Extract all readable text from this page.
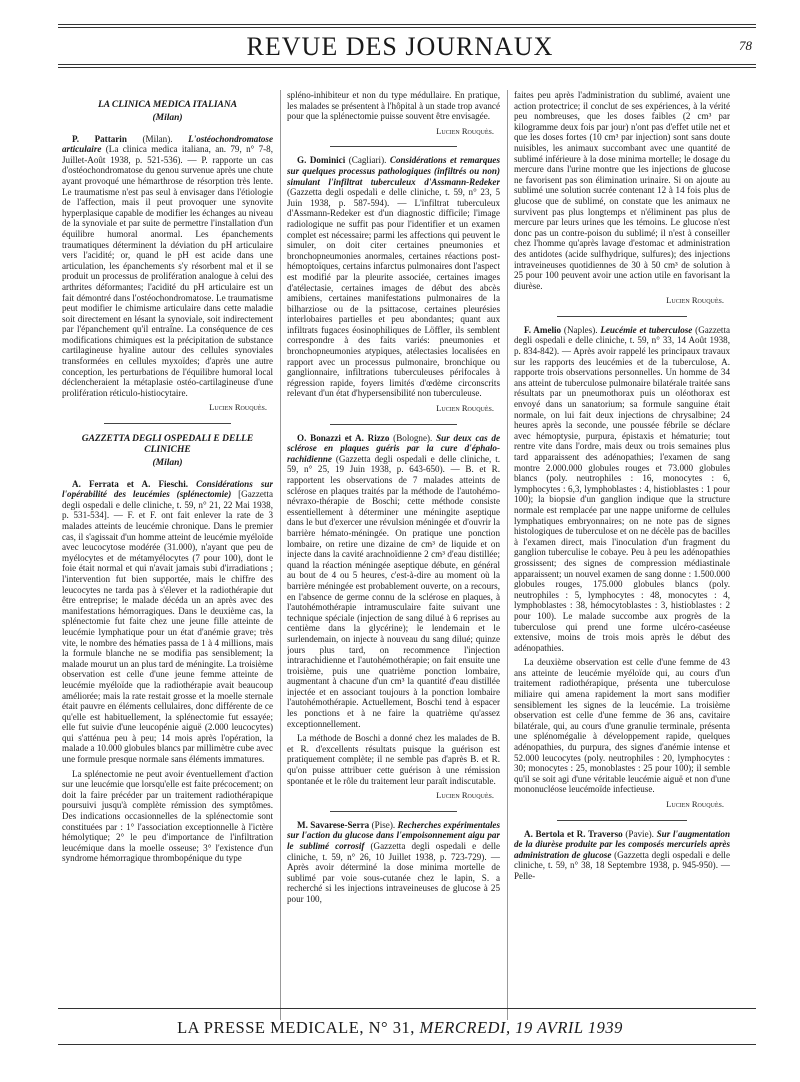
REVUE DES JOURNAUX	78
LA CLINICA MEDICA ITALIANA
(Milan)

P. Pattarin (Milan). L'ostéochondromatose articulaire (La clinica medica italiana, an. 79, n° 7-8, Juillet-Août 1938, p. 521-536). — P. rapporte un cas d'ostéochondromatose du genou survenue après une chute ayant provoqué une hémarthrose de résorption très lente. Le traumatisme n'est pas seul à envisager dans l'étiologie de l'affection, mais il peut provoquer une synovite hyperplasique capable de modifier les échanges au niveau de la synoviale et par suite de permettre l'installation d'un équilibre humoral anormal. Les épanchements traumatiques déterminent la déviation du pH articulaire vers l'acidité; or, quand le pH est acide dans une articulation, les épanchements s'y résorbent mal et il se produit un processus de prolifération analogue à celui des arthrites déformantes; l'acidité du pH articulaire est un fait démontré dans l'ostéochondromatose. Le traumatisme peut modifier le chimisme articulaire dans cette maladie soit directement en lésant la synoviale, soit indirectement par l'épanchement qu'il entraîne. La conséquence de ces modifications chimiques est la précipitation de substance cartilagineuse hyaline autour des cellules synoviales transformées en cellules myxoïdes; d'après une autre conception, les perturbations de l'équilibre humoral local déclencheraient la métaplasie ostéo-cartilagineuse d'une prolifération réticulo-histiocytaire.

Lucien Rouquès.
GAZZETTA DEGLI OSPEDALI E DELLE CLINICHE
(Milan)

A. Ferrata et A. Fieschi. Considérations sur l'opérabilité des leucémies (splénectomie) [Gazzetta degli ospedali e delle cliniche, t. 59, n° 21, 22 Mai 1938, p. 531-534]. — F. et F. ont fait enlever la rate de 3 malades atteints de leucémie chronique. Dans le premier cas, il s'agissait d'un homme atteint de leucémie myéloïde avec leucocytose modérée (31.000), n'ayant que peu de myélocytes et de métamyélocytes (7 pour 100), dont le foie était normal et qui n'avait jamais subi d'irradiations ; l'intervention fut bien supportée, mais le chiffre des leucocytes ne tarda pas à s'élever et la radiothérapie dut être entreprise; le malade décéda un an après avec des manifestations hémorragiques. Dans le deuxième cas, la splénectomie fut faite chez une jeune fille atteinte de leucémie lymphatique pour un état d'anémie grave; très vite, le nombre des hématies passa de 1 à 4 millions, mais la formule blanche ne se modifia pas sensiblement; la malade mourut un an plus tard de méningite. La troisième observation est celle d'une jeune femme atteinte de leucémie myéloïde que la radiothérapie avait beaucoup améliorée; mais la rate restait grosse et la moelle sternale était pauvre en éléments cellulaires, donc différente de ce qu'elle est habituellement, la splénectomie fut essayée; elle fut suivie d'une leucopénie aiguë (2.000 leucocytes) qui s'atténua peu à peu; 14 mois après l'opération, la malade a 10.000 globules blancs par millimètre cube avec une formule presque normale sans éléments immatures.

La splénectomie ne peut avoir éventuellement d'action sur une leucémie que lorsqu'elle est faite précocement; on doit la faire précéder par un traitement radiothérapique poursuivi jusqu'à complète rémission des symptômes. Des indications occasionnelles de la splénectomie sont constituées par : 1° l'association exceptionnelle à l'ictère hémolytique; 2° le peu d'importance de l'infiltration leucémique dans la moelle osseuse; 3° l'existence d'un syndrome hémorragique thrombopénique du type

spléno-inhibiteur et non du type médullaire. En pratique, les malades se présentent à l'hôpital à un stade trop avancé pour que la splénectomie puisse souvent être envisagée.

Lucien Rouquès.

G. Dominici (Cagliari). Considérations et remarques sur quelques processus pathologiques (infiltrés ou non) simulant l'infiltrat tuberculeux d'Assmann-Redeker (Gazzetta degli ospedali e delle cliniche, t. 59, n° 23, 5 Juin 1938, p. 587-594). — L'infiltrat tuberculeux d'Assmann-Redeker est d'un diagnostic difficile; l'image radiologique ne suffit pas pour l'identifier et un examen complet est nécessaire; parmi les affections qui peuvent le simuler, on doit citer certaines pneumonies et bronchopneumonies anormales, certaines réactions post-hémoptoïques, certains infarctus pulmonaires dont l'aspect est modifié par la pleurite associée, certaines images d'atélectasie, certaines images de début des abcès amibiens, certaines manifestations pulmonaires de la bilharziose ou de la psittacose, certaines pleurésies interlobaires partielles et peu abondantes; quant aux infiltrats fugaces éosinophiliques de Löffler, ils semblent correspondre à des faits variés: pneumonies et bronchopneumonies atypiques, atélectasies localisées en rapport avec un processus pulmonaire, bronchique ou ganglionnaire, infiltrations tuberculeuses périfocales à régression rapide, foyers limités d'œdème circonscrits relevant d'un état d'hypersensibilité non tuberculeuse.

Lucien Rouquès.

O. Bonazzi et A. Rizzo (Bologne). Sur deux cas de sclérose en plaques guéris par la cure d'éphalo-rachidienne (Gazzetta degli ospedali e delle cliniche, t. 59, n° 25, 19 Juin 1938, p. 643-650). — B. et R. rapportent les observations de 7 malades atteints de sclérose en plaques traités par la méthode de l'autohémo-névraxo-thérapie de Boschi; cette méthode consiste essentiellement à déterminer une méningite aseptique dans le but d'exercer une révulsion méningée et d'ouvrir la barrière hémato-méningée. On pratique une ponction lombaire, on retire une dizaine de cm³ de liquide et on injecte dans la cavité arachnoïdienne 2 cm³ d'eau distillée; quand la réaction méningée aseptique débute, en général au bout de 4 ou 5 heures, c'est-à-dire au moment où la barrière méningée est probablement ouverte, on a recours, en l'absence de germe connu de la sclérose en plaques, à l'autohémothérapie intramusculaire faite suivant une technique spéciale (injection de sang dilué à 6 reprises au centième dans la glycérine); le lendemain et le surlendemain, on injecte à nouveau du sang dilué; quinze jours plus tard, on recommence l'injection intrarachidienne et l'autohémothérapie; on fait ensuite une troisième, puis une quatrième ponction lombaire, augmentant à chacune d'un cm³ la quantité d'eau distillée injectée et en associant toujours à la ponction lombaire l'autohémothérapie. Actuellement, Boschi tend à espacer les ponctions et à ne faire la quatrième qu'assez exceptionnellement.

La méthode de Boschi a donné chez les malades de B. et R. d'excellents résultats puisque la guérison est pratiquement complète; il ne semble pas d'après B. et R. qu'on puisse attribuer cette guérison à une rémission spontanée et le rôle du traitement leur paraît indiscutable.

Lucien Rouquès.

M. Savarese-Serra (Pise). Recherches expérimentales sur l'action du glucose dans l'empoisonnement aigu par le sublimé corrosif (Gazzetta degli ospedali e delle cliniche, t. 59, n° 26, 10 Juillet 1938, p. 723-729). — Après avoir déterminé la dose minima mortelle de sublimé par voie sous-cutanée chez le lapin, S. a recherché si les injections intraveineuses de glucose à 25 pour 100,

faites peu après l'administration du sublimé, avaient une action protectrice; il conclut de ses expériences, à la vérité peu nombreuses, que les doses faibles (2 cm³ par kilogramme deux fois par jour) n'ont pas d'effet utile net et que les doses fortes (10 cm³ par injection) sont sans doute nuisibles, les animaux succombant avec une quantité de sublimé inférieure à la dose minima mortelle; le dosage du mercure dans l'urine montre que les injections de glucose ne favorisent pas son élimination urinaire. Si on ajoute au sublimé une solution sucrée contenant 12 à 14 fois plus de glucose que de sublimé, on constate que les animaux ne survivent pas plus longtemps et n'éliminent pas plus de mercure par leurs urines que les témoins. Le glucose n'est donc pas un contre-poison du sublimé; il n'est à conseiller chez l'homme qu'après lavage d'estomac et administration des antidotes (acide sulfhydrique, sulfures); des injections intraveineuses quotidiennes de 30 à 50 cm³ de solution à 25 pour 100 peuvent avoir une action utile en favorisant la diurèse.

Lucien Rouquès.

F. Amelio (Naples). Leucémie et tuberculose (Gazzetta degli ospedali e delle cliniche, t. 59, n° 33, 14 Août 1938, p. 834-842). — Après avoir rappelé les principaux travaux sur les rapports des leucémies et de la tuberculose, A. rapporte trois observations personnelles. Un homme de 34 ans atteint de tuberculose pulmonaire bilatérale traitée sans résultats par un pneumothorax puis un oléothorax est envoyé dans un sanatorium; sa formule sanguine était normale, on lui fait deux injections de chrysalbine; 24 heures après la seconde, une poussée fébrile se déclare avec hémoptysie, purpura, épistaxis et hématurie; tout rentre vite dans l'ordre, mais deux ou trois semaines plus tard apparaissent des adénopathies; l'examen de sang montre 2.000.000 globules rouges et 73.000 globules blancs (poly. neutrophiles : 16, monocytes : 6, lymphocytes : 6,3, lymphoblastes : 4, histioblastes : 1 pour 100); la biopsie d'un ganglion indique que la structure normale est remplacée par une nappe uniforme de cellules lymphatiques embryonnaires; on ne note pas de signes histologiques de tuberculose et on ne décèle pas de bacilles à l'examen direct, mais l'inoculation d'un fragment du ganglion tuberculise le cobaye. Peu à peu les adénopathies grossissent; des signes de compression médiastinale apparaissent; un nouvel examen de sang donne : 1.500.000 globules rouges, 175.000 globules blancs (poly. neutrophiles : 5, lymphocytes : 48, monocytes : 4, lymphoblastes : 38, hémocytoblastes : 3, histioblastes : 2 pour 100). Le malade succombe aux progrès de la tuberculose qui prend une forme ulcéro-caséeuse extensive, moins de trois mois après le début des adénopathies.

La deuxième observation est celle d'une femme de 43 ans atteinte de leucémie myéloïde qui, au cours d'un traitement radiothérapique, présenta une tuberculose miliaire qui amena rapidement la mort sans modifier sensiblement les signes de la leucémie. La troisième observation est celle d'une femme de 36 ans, cavitaire bilatérale, qui, au cours d'une granulie terminale, présenta une splénomégalie à développement rapide, quelques adénopathies, du purpura, des signes d'anémie intense et 52.000 leucocytes (poly. neutrophiles : 20, lymphocytes : 30; monocytes : 25, monoblastes : 25 pour 100); il semble qu'il se soit agi d'une véritable leucémie aiguë et non d'une mononucléose leucémoïde infectieuse.

Lucien Rouquès.

A. Bertola et R. Traverso (Pavie). Sur l'augmentation de la diurèse produite par les composés mercuriels après administration de glucose (Gazzetta degli ospedali e delle cliniche, t. 59, n° 38, 18 Septembre 1938, p. 945-950). — Pelle-

LA PRESSE MEDICALE, N° 31, MERCREDI, 19 AVRIL 1939
